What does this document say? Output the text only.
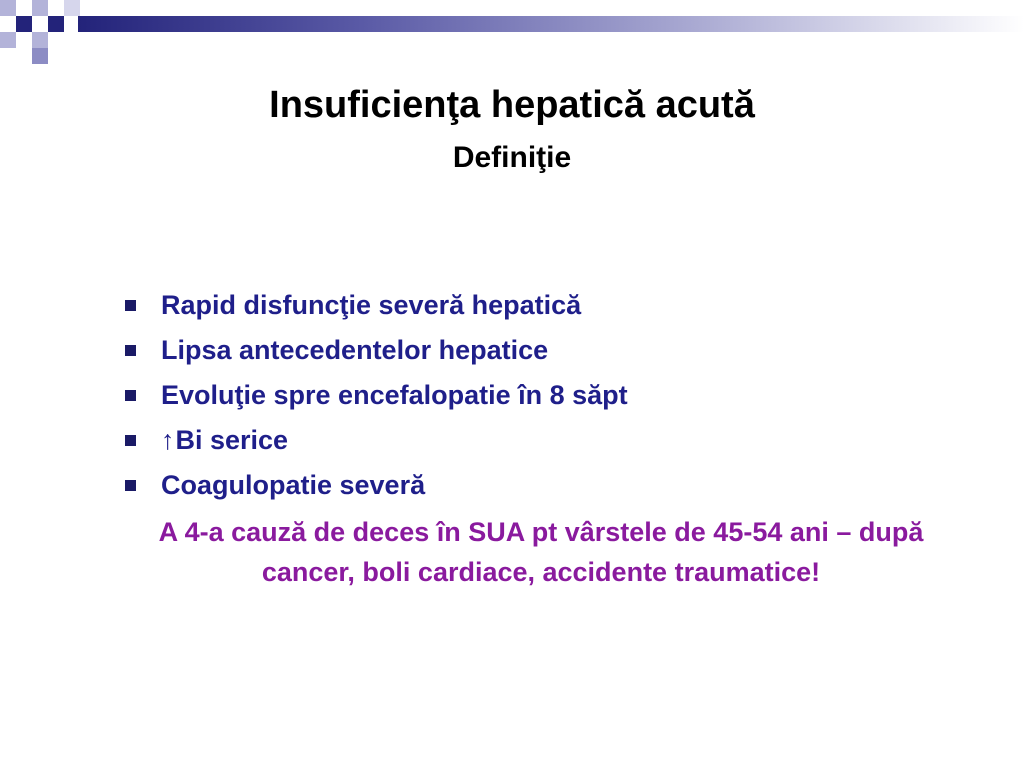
Insuficienţa hepatică acută
Definiţie
Rapid disfuncţie severă hepatică
Lipsa antecedentelor hepatice
Evoluţie spre encefalopatie în 8 săpt
↑Bi serice
Coagulopatie severă

A 4-a cauză de deces în SUA pt vârstele de 45-54 ani – după cancer, boli cardiace, accidente traumatice!
